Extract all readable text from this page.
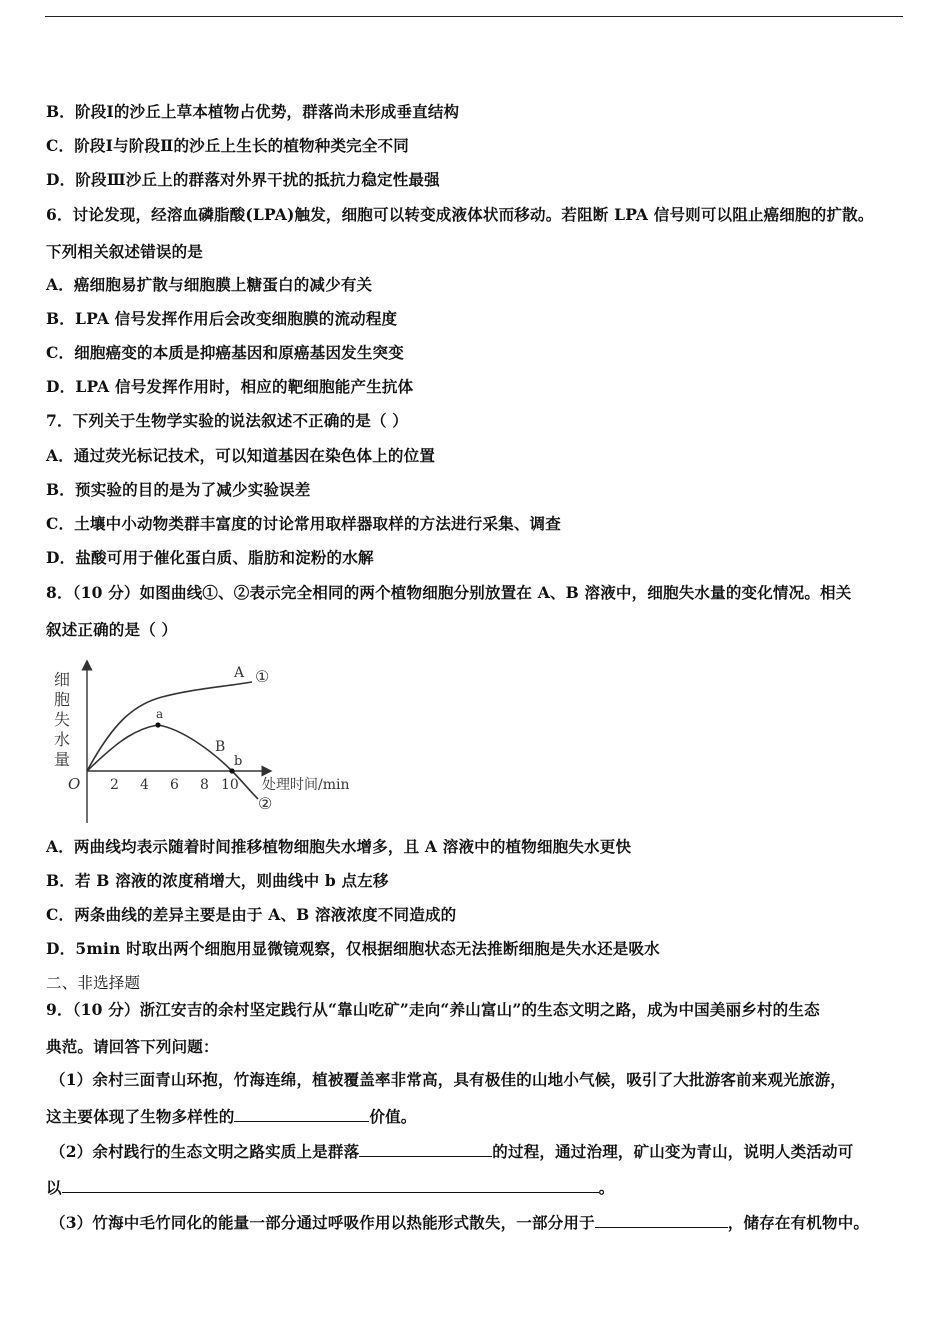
B．阶段Ⅰ的沙丘上草本植物占优势，群落尚未形成垂直结构
C．阶段Ⅰ与阶段Ⅱ的沙丘上生长的植物种类完全不同
D．阶段Ⅲ沙丘上的群落对外界干扰的抵抗力稳定性最强
6．讨论发现，经溶血磷脂酸(LPA)触发，细胞可以转变成液体状而移动。若阻断 LPA 信号则可以阻止癌细胞的扩散。
下列相关叙述错误的是
A．癌细胞易扩散与细胞膜上糖蛋白的减少有关
B．LPA 信号发挥作用后会改变细胞膜的流动程度
C．细胞癌变的本质是抑癌基因和原癌基因发生突变
D．LPA 信号发挥作用时，相应的靶细胞能产生抗体
7．下列关于生物学实验的说法叙述不正确的是（ ）
A．通过荧光标记技术，可以知道基因在染色体上的位置
B．预实验的目的是为了减少实验误差
C．土壤中小动物类群丰富度的讨论常用取样器取样的方法进行采集、调查
D．盐酸可用于催化蛋白质、脂肪和淀粉的水解
8．（10 分）如图曲线①、②表示完全相同的两个植物细胞分别放置在 A、B 溶液中，细胞失水量的变化情况。相关
叙述正确的是（ ）
细
胞
失
水
量
O 2 4 6 8 10 处理时间/min
A ①
a
b
B
②
A．两曲线均表示随着时间推移植物细胞失水增多，且 A 溶液中的植物细胞失水更快
B．若 B 溶液的浓度稍增大，则曲线中 b 点左移
C．两条曲线的差异主要是由于 A、B 溶液浓度不同造成的
D．5min 时取出两个细胞用显微镜观察，仅根据细胞状态无法推断细胞是失水还是吸水
二、非选择题
9．（10 分）浙江安吉的余村坚定践行从“靠山吃矿”走向“养山富山”的生态文明之路，成为中国美丽乡村的生态
典范。请回答下列问题：
（1）余村三面青山环抱，竹海连绵，植被覆盖率非常高，具有极佳的山地小气候，吸引了大批游客前来观光旅游，
这主要体现了生物多样性的	价值。
（2）余村践行的生态文明之路实质上是群落	的过程，通过治理，矿山变为青山，说明人类活动可
以	。
（3）竹海中毛竹同化的能量一部分通过呼吸作用以热能形式散失，一部分用于	，储存在有机物中。
